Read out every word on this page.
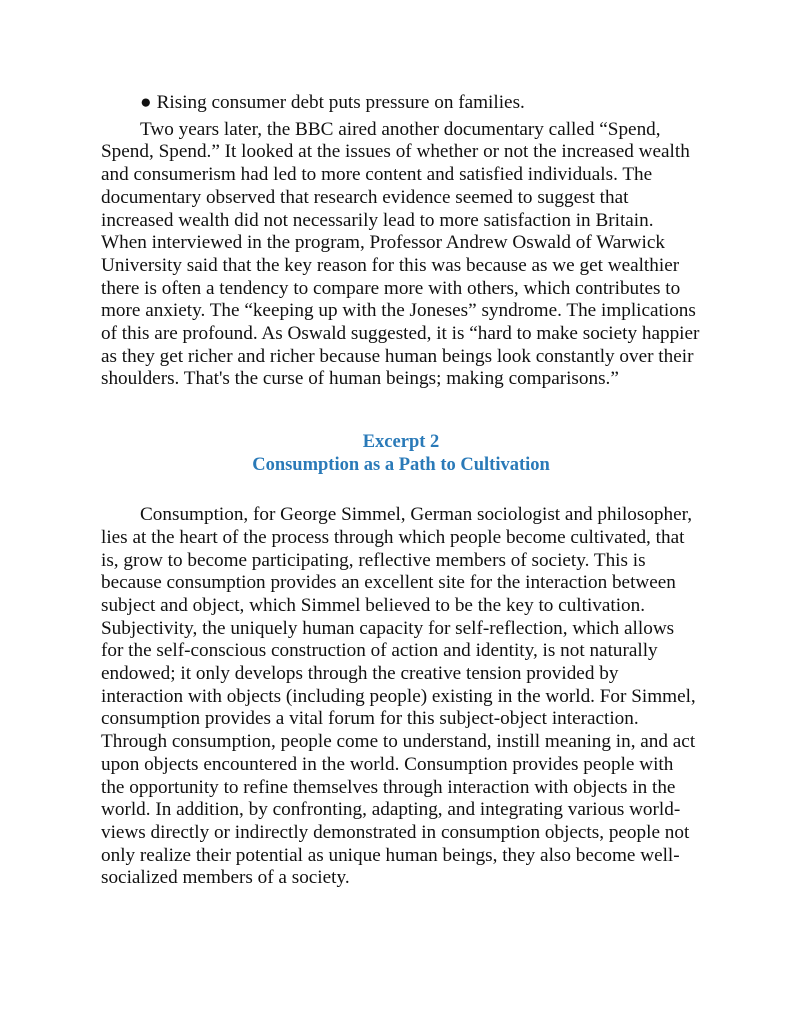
● Rising consumer debt puts pressure on families.

Two years later, the BBC aired another documentary called “Spend, Spend, Spend.” It looked at the issues of whether or not the increased wealth and consumerism had led to more content and satisfied individuals. The documentary observed that research evidence seemed to suggest that increased wealth did not necessarily lead to more satisfaction in Britain. When interviewed in the program, Professor Andrew Oswald of Warwick University said that the key reason for this was because as we get wealthier there is often a tendency to compare more with others, which contributes to more anxiety. The “keeping up with the Joneses” syndrome. The implications of this are profound. As Oswald suggested, it is “hard to make society happier as they get richer and richer because human beings look constantly over their shoulders. That's the curse of human beings; making comparisons.”

Excerpt 2
Consumption as a Path to Cultivation

Consumption, for George Simmel, German sociologist and philosopher, lies at the heart of the process through which people become cultivated, that is, grow to become participating, reflective members of society. This is because consumption provides an excellent site for the interaction between subject and object, which Simmel believed to be the key to cultivation. Subjectivity, the uniquely human capacity for self-reflection, which allows for the self-conscious construction of action and identity, is not naturally endowed; it only develops through the creative tension provided by interaction with objects (including people) existing in the world. For Simmel, consumption provides a vital forum for this subject-object interaction. Through consumption, people come to understand, instill meaning in, and act upon objects encountered in the world. Consumption provides people with the opportunity to refine themselves through interaction with objects in the world. In addition, by confronting, adapting, and integrating various world-views directly or indirectly demonstrated in consumption objects, people not only realize their potential as unique human beings, they also become well-socialized members of a society.
